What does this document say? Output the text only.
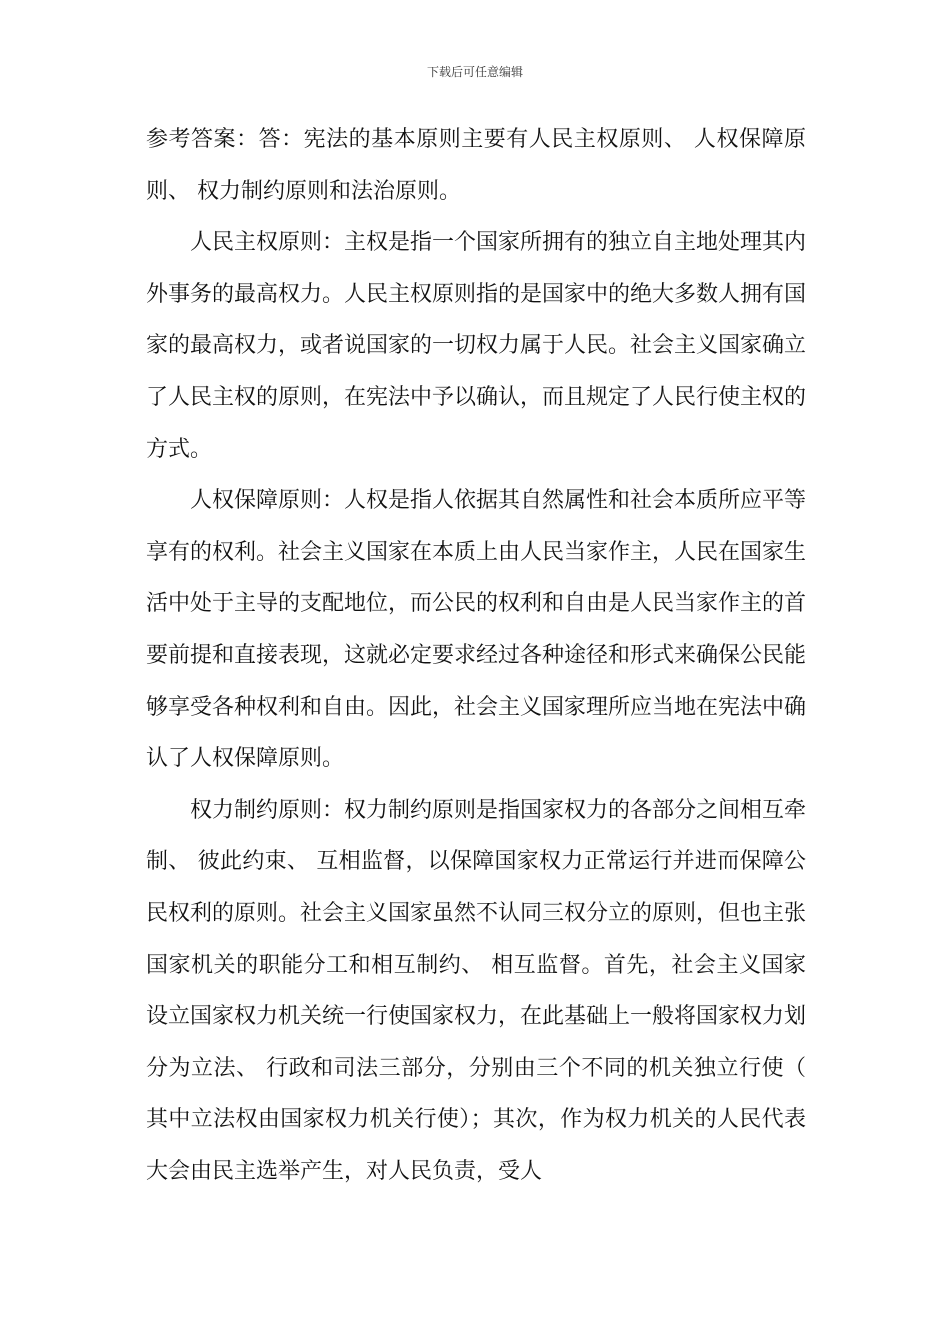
下载后可任意编辑

参考答案：答：宪法的基本原则主要有人民主权原则、 人权保障原则、 权力制约原则和法治原则。

人民主权原则：主权是指一个国家所拥有的独立自主地处理其内外事务的最高权力。人民主权原则指的是国家中的绝大多数人拥有国家的最高权力，或者说国家的一切权力属于人民。社会主义国家确立了人民主权的原则，在宪法中予以确认，而且规定了人民行使主权的方式。

人权保障原则：人权是指人依据其自然属性和社会本质所应平等享有的权利。社会主义国家在本质上由人民当家作主，人民在国家生活中处于主导的支配地位，而公民的权利和自由是人民当家作主的首要前提和直接表现，这就必定要求经过各种途径和形式来确保公民能够享受各种权利和自由。因此，社会主义国家理所应当地在宪法中确认了人权保障原则。

权力制约原则：权力制约原则是指国家权力的各部分之间相互牵制、 彼此约束、 互相监督，以保障国家权力正常运行并进而保障公民权利的原则。社会主义国家虽然不认同三权分立的原则，但也主张国家机关的职能分工和相互制约、 相互监督。首先，社会主义国家设立国家权力机关统一行使国家权力，在此基础上一般将国家权力划分为立法、 行政和司法三部分，分别由三个不同的机关独立行使（ 其中立法权由国家权力机关行使）；其次，作为权力机关的人民代表大会由民主选举产生，对人民负责，受人
